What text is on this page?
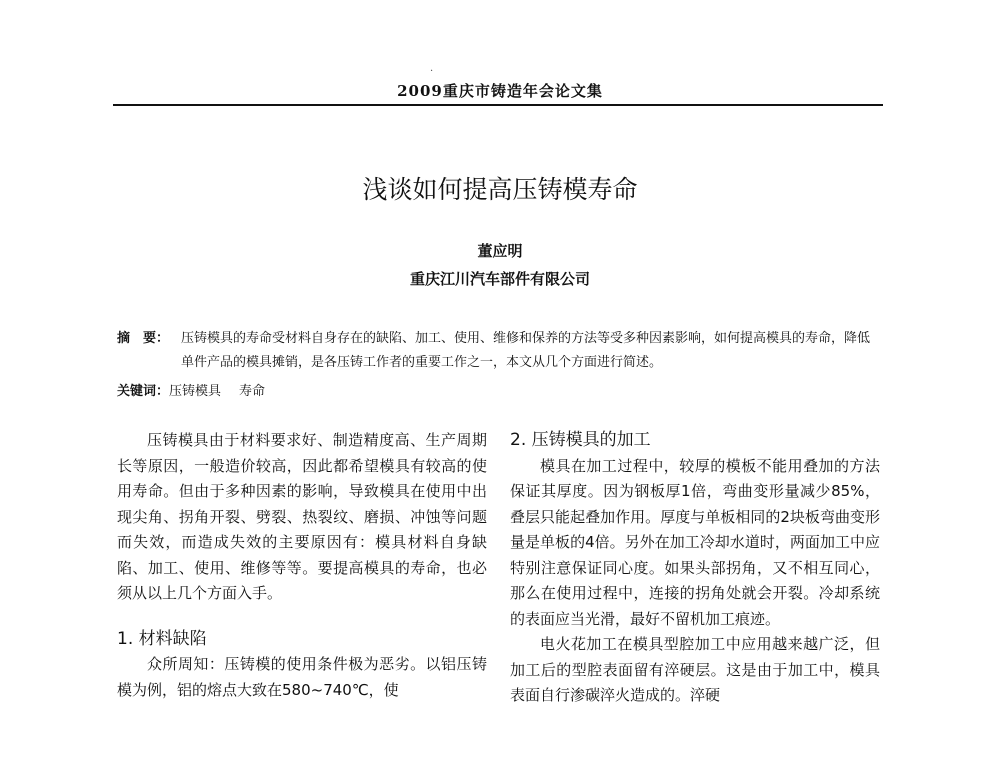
2009重庆市铸造年会论文集
·
浅谈如何提高压铸模寿命
董应明
重庆江川汽车部件有限公司
摘　要： 压铸模具的寿命受材料自身存在的缺陷、加工、使用、维修和保养的方法等受多种因素影响，如何提高模具的寿命，降低单件产品的模具摊销，是各压铸工作者的重要工作之一，本文从几个方面进行简述。
关键词：压铸模具 寿命

压铸模具由于材料要求好、制造精度高、生产周期长等原因，一般造价较高，因此都希望模具有较高的使用寿命。但由于多种因素的影响，导致模具在使用中出现尖角、拐角开裂、劈裂、热裂纹、磨损、冲蚀等问题而失效，而造成失效的主要原因有：模具材料自身缺陷、加工、使用、维修等等。要提高模具的寿命，也必须从以上几个方面入手。

1. 材料缺陷

众所周知：压铸模的使用条件极为恶劣。以铝压铸模为例，铝的熔点大致在580~740℃，使

2. 压铸模具的加工

模具在加工过程中，较厚的模板不能用叠加的方法保证其厚度。因为钢板厚1倍，弯曲变形量减少85%，叠层只能起叠加作用。厚度与单板相同的2块板弯曲变形量是单板的4倍。另外在加工冷却水道时，两面加工中应特别注意保证同心度。如果头部拐角，又不相互同心，那么在使用过程中，连接的拐角处就会开裂。冷却系统的表面应当光滑，最好不留机加工痕迹。

电火花加工在模具型腔加工中应用越来越广泛，但加工后的型腔表面留有淬硬层。这是由于加工中，模具表面自行渗碳淬火造成的。淬硬
